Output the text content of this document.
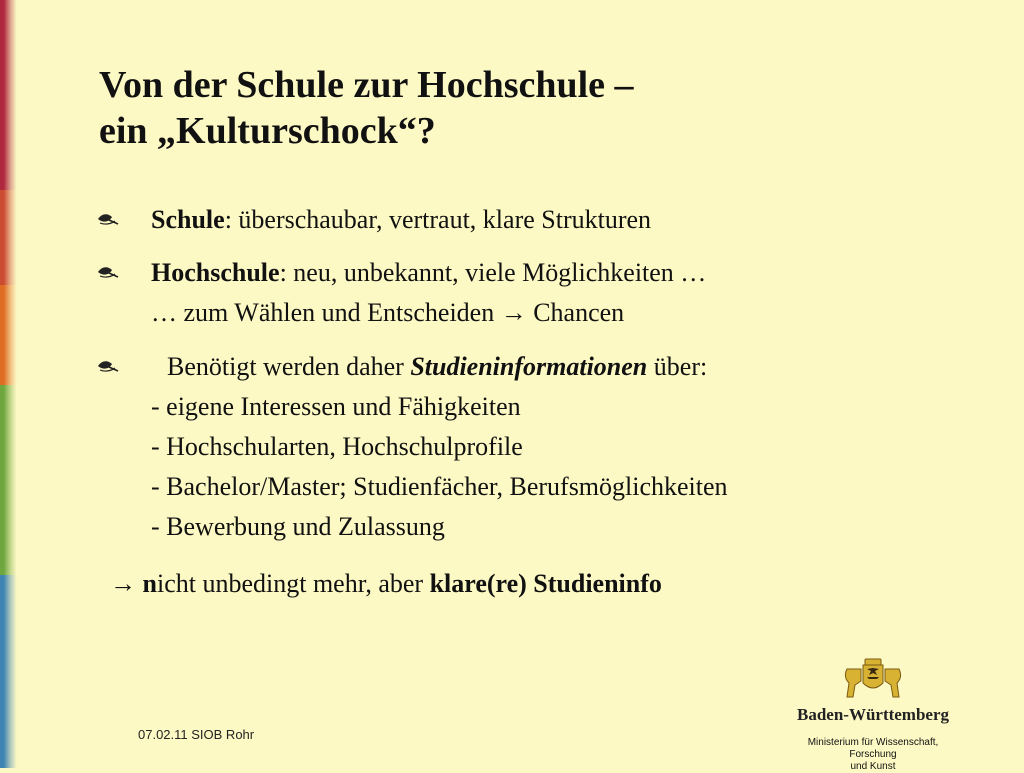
Von der Schule zur Hochschule –
ein „Kulturschock“?
Schule: überschaubar, vertraut, klare Strukturen
Hochschule: neu, unbekannt, viele Möglichkeiten …
… zum Wählen und Entscheiden → Chancen
Benötigt werden daher Studieninformationen über:
- eigene Interessen und Fähigkeiten
- Hochschularten, Hochschulprofile
- Bachelor/Master; Studienfächer, Berufsmöglichkeiten
- Bewerbung und Zulassung
→ nicht unbedingt mehr, aber klare(re) Studieninfo
07.02.11 SIOB Rohr
Baden-Württemberg
Ministerium für Wissenschaft, Forschung
und Kunst
